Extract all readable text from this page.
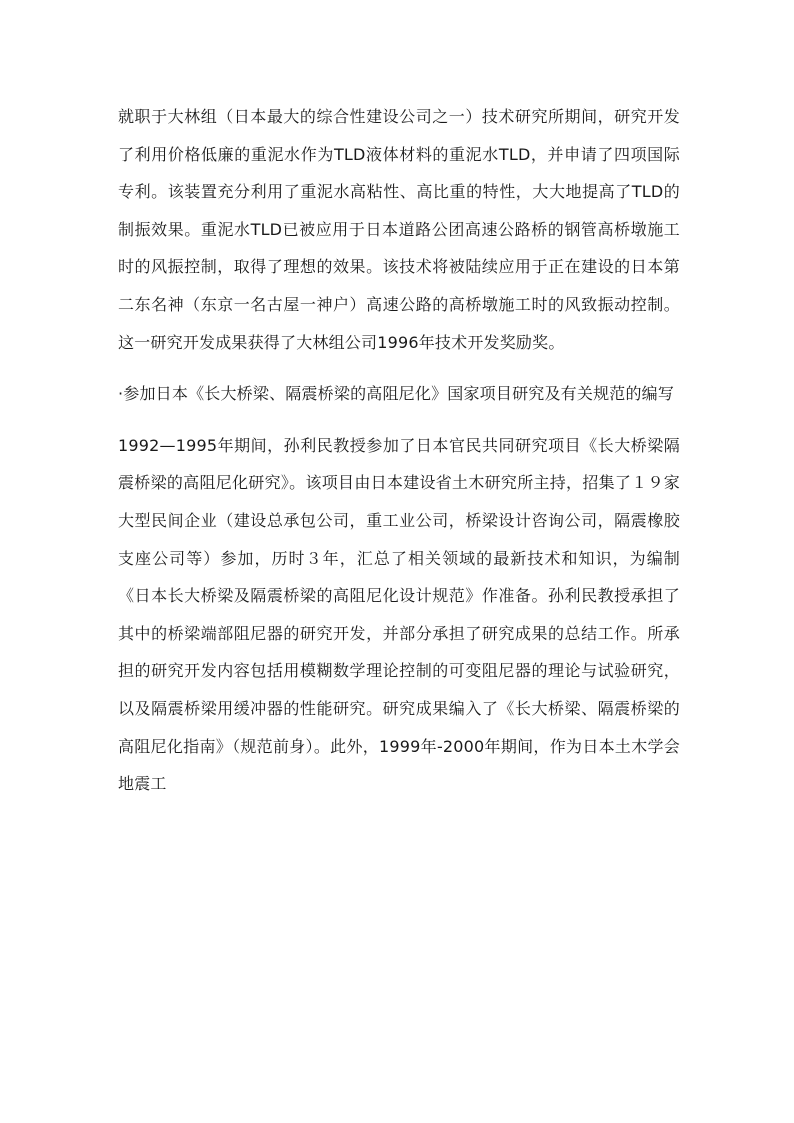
就职于大林组（日本最大的综合性建设公司之一）技术研究所期间，研究开发了利用价格低廉的重泥水作为TLD液体材料的重泥水TLD，并申请了四项国际专利。该装置充分利用了重泥水高粘性、高比重的特性，大大地提高了TLD的制振效果。重泥水TLD已被应用于日本道路公团高速公路桥的钢管高桥墩施工时的风振控制，取得了理想的效果。该技术将被陆续应用于正在建设的日本第二东名神（东京一名古屋一神户）高速公路的高桥墩施工时的风致振动控制。这一研究开发成果获得了大林组公司1996年技术开发奖励奖。

·参加日本《长大桥梁、隔震桥梁的高阻尼化》国家项目研究及有关规范的编写

1992—1995年期间，孙利民教授参加了日本官民共同研究项目《长大桥梁隔震桥梁的高阻尼化研究》。该项目由日本建设省土木研究所主持，招集了１９家大型民间企业（建设总承包公司，重工业公司，桥梁设计咨询公司，隔震橡胶支座公司等）参加，历时３年，汇总了相关领域的最新技术和知识，为编制《日本长大桥梁及隔震桥梁的高阻尼化设计规范》作准备。孙利民教授承担了其中的桥梁端部阻尼器的研究开发，并部分承担了研究成果的总结工作。所承担的研究开发内容包括用模糊数学理论控制的可变阻尼器的理论与试验研究，以及隔震桥梁用缓冲器的性能研究。研究成果编入了《长大桥梁、隔震桥梁的高阻尼化指南》（规范前身）。此外，1999年-2000年期间，作为日本土木学会地震工
